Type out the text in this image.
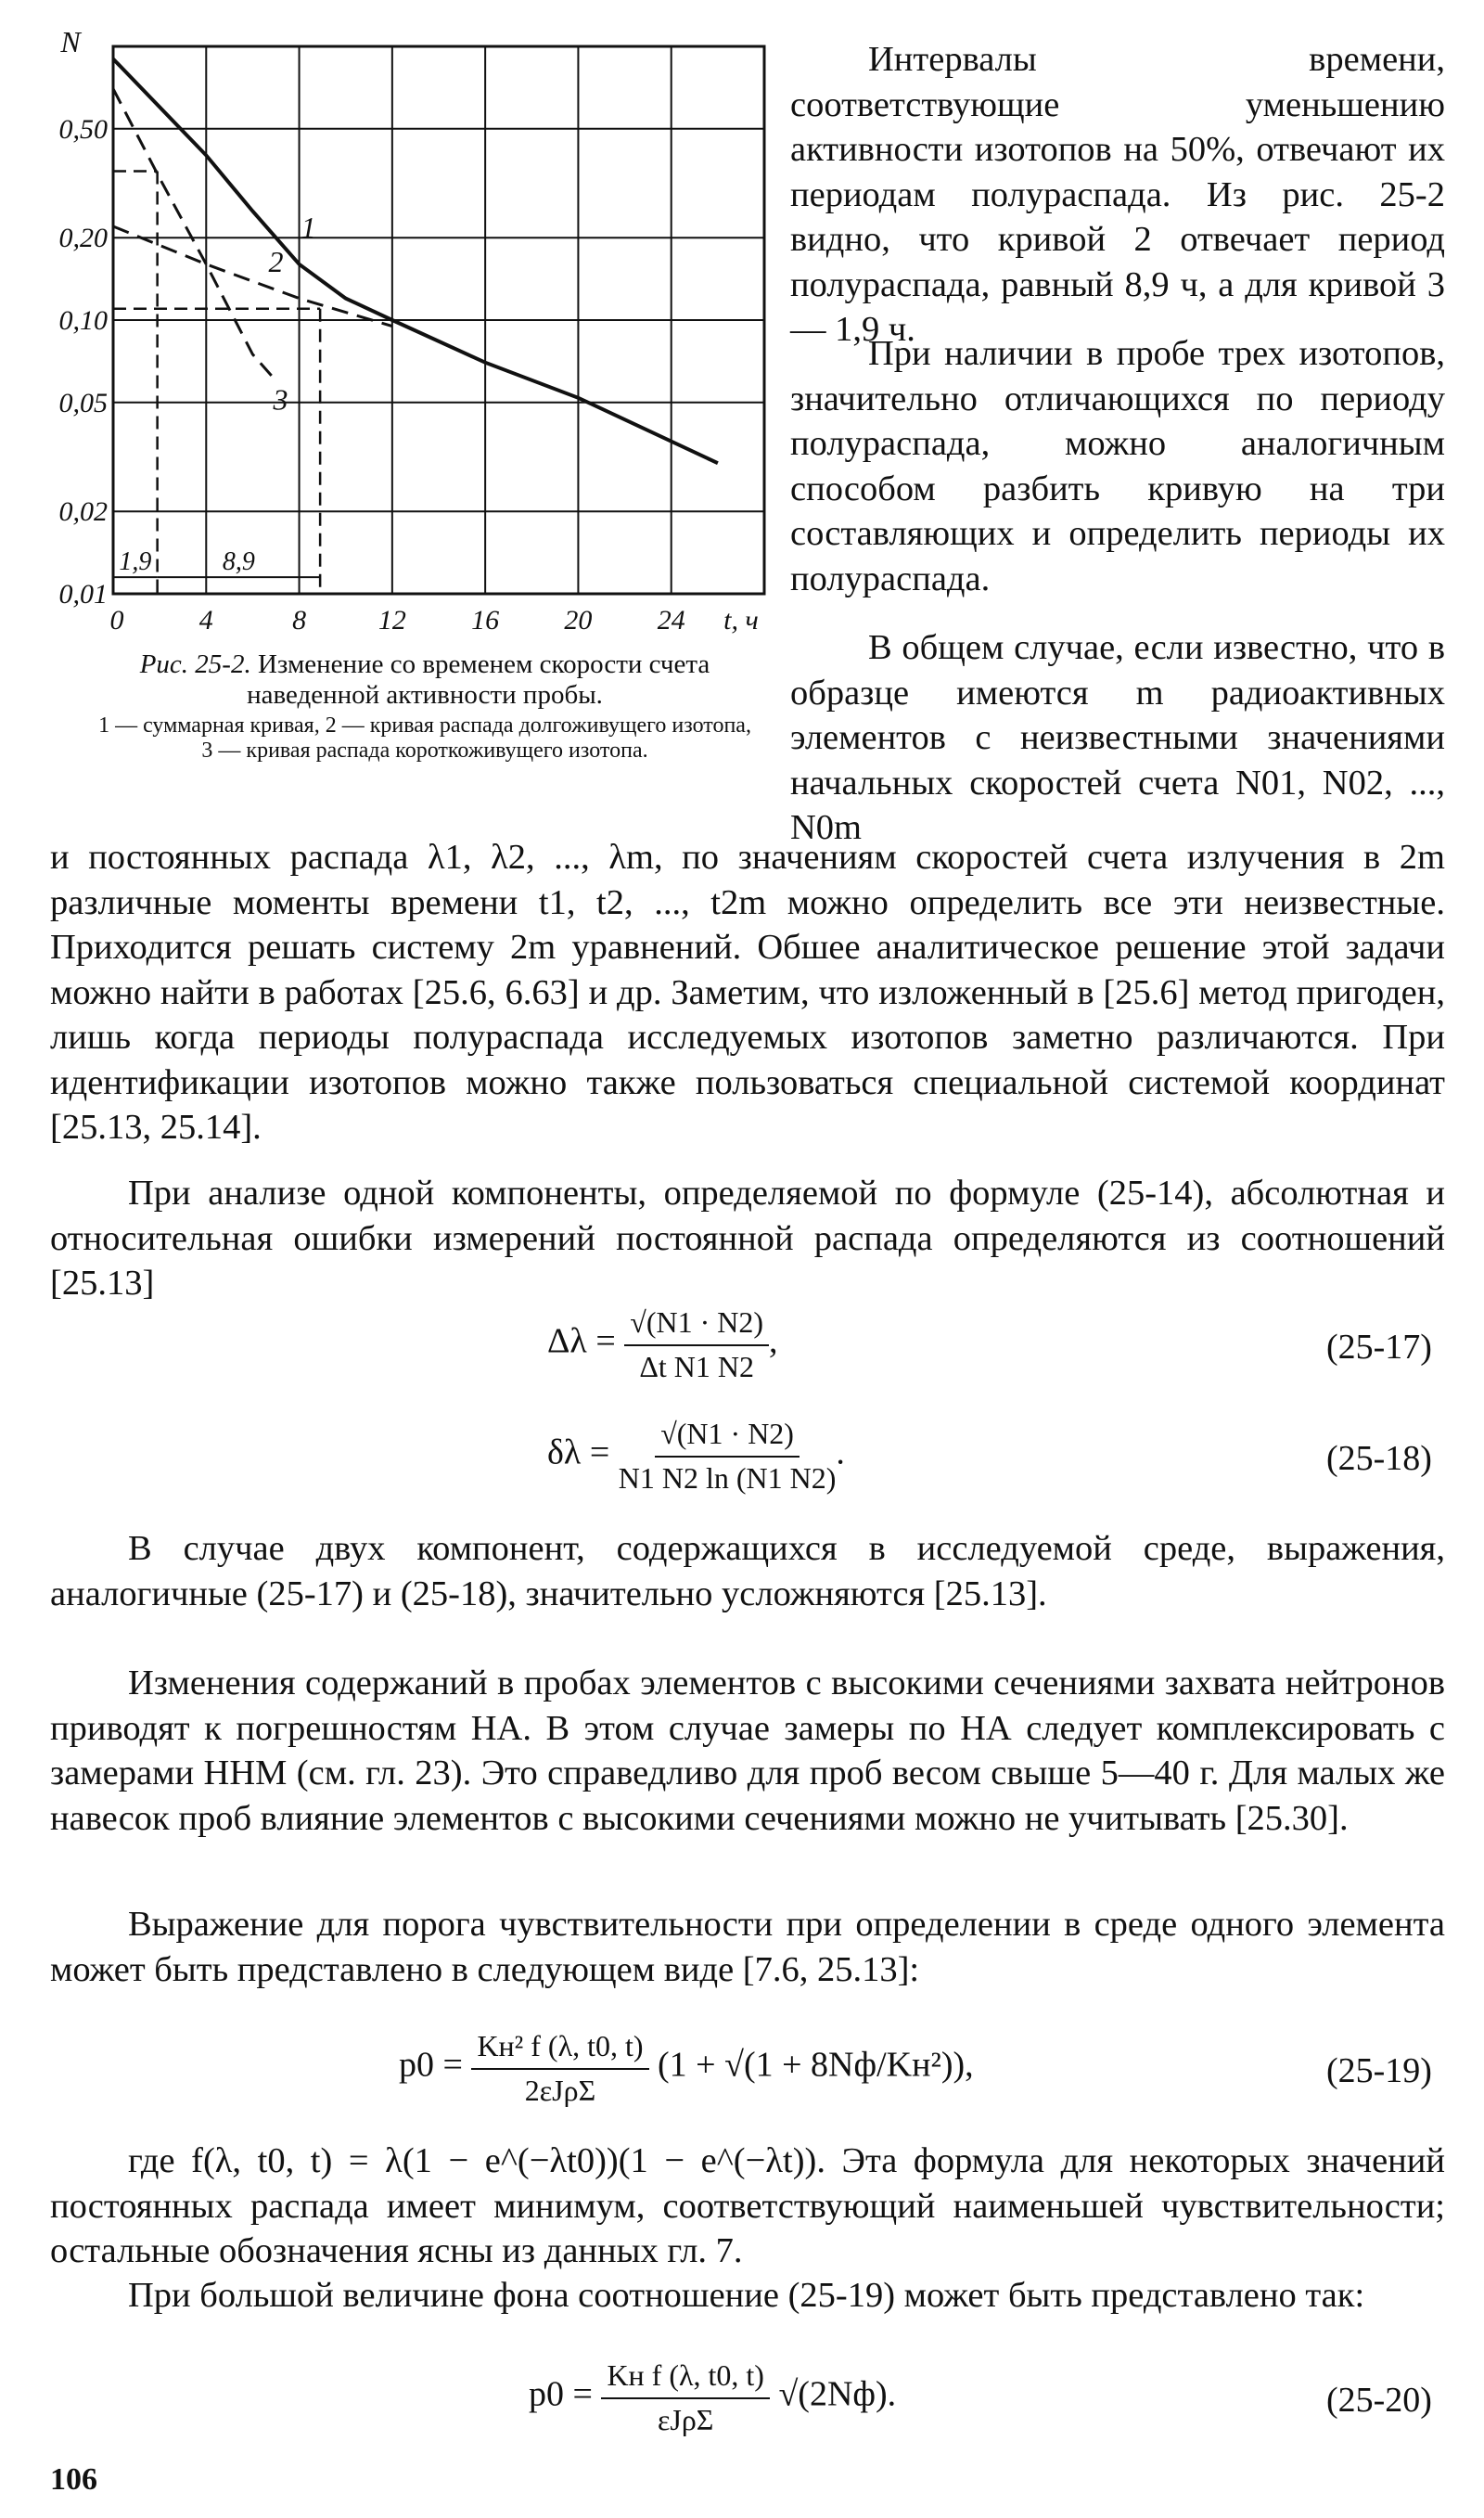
0	4	8	12 16 20 24 t, ч
0,01
0,02
0,05
0,10
0,20
0,50
N
1
2
3
1,9	8,9
Рис. 25-2. Изменение со временем скорости счета наведенной активности пробы.
1 — суммарная кривая, 2 — кривая распада долгоживущего изотопа, 3 — кривая распада короткоживущего изотопа.

Интервалы времени, соответствующие уменьшению активности изотопов на 50%, отвечают их периодам полураспада. Из рис. 25-2 видно, что кривой 2 отвечает период полураспада, равный 8,9 ч, а для кривой 3 — 1,9 ч.

При наличии в пробе трех изотопов, значительно отличающихся по периоду полураспада, можно аналогичным способом разбить кривую на три составляющих и определить периоды их полураспада.

В общем случае, если известно, что в образце имеются m радиоактивных элементов с неизвестными значениями начальных скоростей счета N01, N02, ..., N0m

и постоянных распада λ1, λ2, ..., λm, по значениям скоростей счета излучения в 2m различные моменты времени t1, t2, ..., t2m можно определить все эти неизвестные. Приходится решать систему 2m уравнений. Обшее аналитическое решение этой задачи можно найти в работах [25.6, 6.63] и др. Заметим, что изложенный в [25.6] метод пригоден, лишь когда периоды полураспада исследуемых изотопов заметно различаются. При идентификации изотопов можно также пользоваться специальной системой координат [25.13, 25.14].

При анализе одной компоненты, определяемой по формуле (25-14), абсолютная и относительная ошибки измерений постоянной распада определяются из соотношений [25.13]

$\Delta\lambda = \frac{√(N1 \cdot N2)}{\text{Δt N1 N2}}$ ,	(25-17)
$\delta\lambda = \frac{√(N1 \cdot N2)}{N1 N2 \ln (N1 N2)}$ .	(25-18)

В случае двух компонент, содержащихся в исследуемой среде, выражения, аналогичные (25-17) и (25-18), значительно усложняются [25.13].

Изменения содержаний в пробах элементов с высокими сечениями захвата нейтронов приводят к погрешностям НА. В этом случае замеры по НА следует комплексировать с замерами ННМ (см. гл. 23). Это справедливо для проб весом свыше 5—40 г. Для малых же навесок проб влияние элементов с высокими сечениями можно не учитывать [25.30].

Выражение для порога чувствительности при определении в среде одного элемента может быть представлено в следующем виде [7.6, 25.13]:

$p0 = \frac{\text{Kн² f (λ, t0, t)}}{\text{2εJρΣ}} (1 + √(1 + 8Nф/Kн^2))$,	(25-19)

где f(λ, t0, t) = λ(1 − e^(−λt0))(1 − e^(−λt)). Эта формула для некоторых значений постоянных распада имеет минимум, соответствующий наименьшей чувствительности; остальные обозначения ясны из данных гл. 7.

При большой величине фона соотношение (25-19) может быть представлено так:

$p0 = \frac{\text{Kн f (λ, t0, t)}}{\text{εJρΣ}} √(2Nф)$.	(25-20)
106
